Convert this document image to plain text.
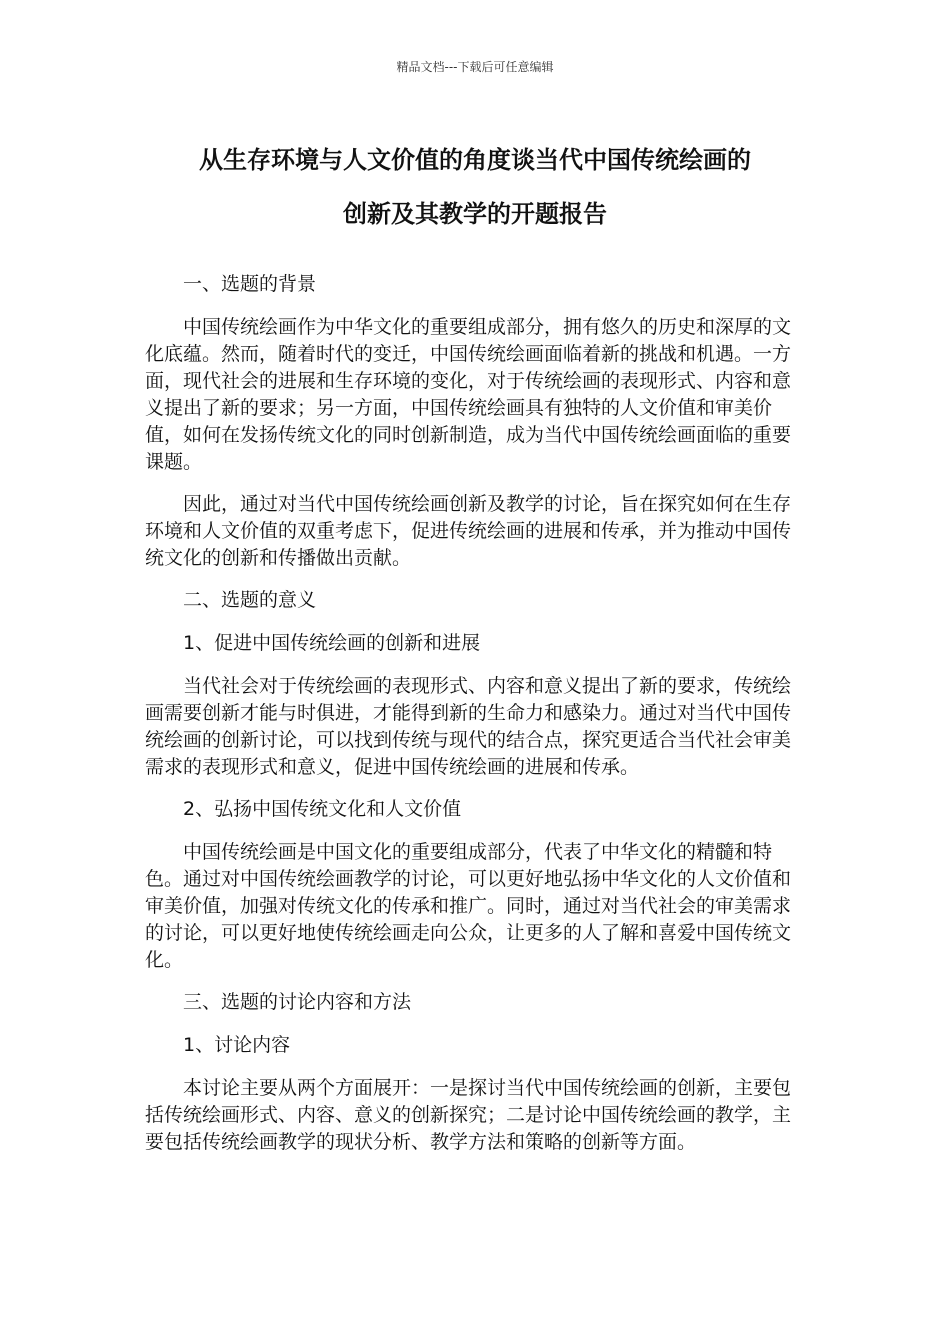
精品文档---下载后可任意编辑
从生存环境与人文价值的角度谈当代中国传统绘画的
创新及其教学的开题报告

一、选题的背景

中国传统绘画作为中华文化的重要组成部分，拥有悠久的历史和深厚的文化底蕴。然而，随着时代的变迁，中国传统绘画面临着新的挑战和机遇。一方面，现代社会的进展和生存环境的变化，对于传统绘画的表现形式、内容和意义提出了新的要求；另一方面，中国传统绘画具有独特的人文价值和审美价值，如何在发扬传统文化的同时创新制造，成为当代中国传统绘画面临的重要课题。

因此，通过对当代中国传统绘画创新及教学的讨论，旨在探究如何在生存环境和人文价值的双重考虑下，促进传统绘画的进展和传承，并为推动中国传统文化的创新和传播做出贡献。

二、选题的意义

1、促进中国传统绘画的创新和进展

当代社会对于传统绘画的表现形式、内容和意义提出了新的要求，传统绘画需要创新才能与时俱进，才能得到新的生命力和感染力。通过对当代中国传统绘画的创新讨论，可以找到传统与现代的结合点，探究更适合当代社会审美需求的表现形式和意义，促进中国传统绘画的进展和传承。

2、弘扬中国传统文化和人文价值

中国传统绘画是中国文化的重要组成部分，代表了中华文化的精髓和特色。通过对中国传统绘画教学的讨论，可以更好地弘扬中华文化的人文价值和审美价值，加强对传统文化的传承和推广。同时，通过对当代社会的审美需求的讨论，可以更好地使传统绘画走向公众，让更多的人了解和喜爱中国传统文化。

三、选题的讨论内容和方法

1、讨论内容

本讨论主要从两个方面展开：一是探讨当代中国传统绘画的创新，主要包括传统绘画形式、内容、意义的创新探究；二是讨论中国传统绘画的教学，主要包括传统绘画教学的现状分析、教学方法和策略的创新等方面。
